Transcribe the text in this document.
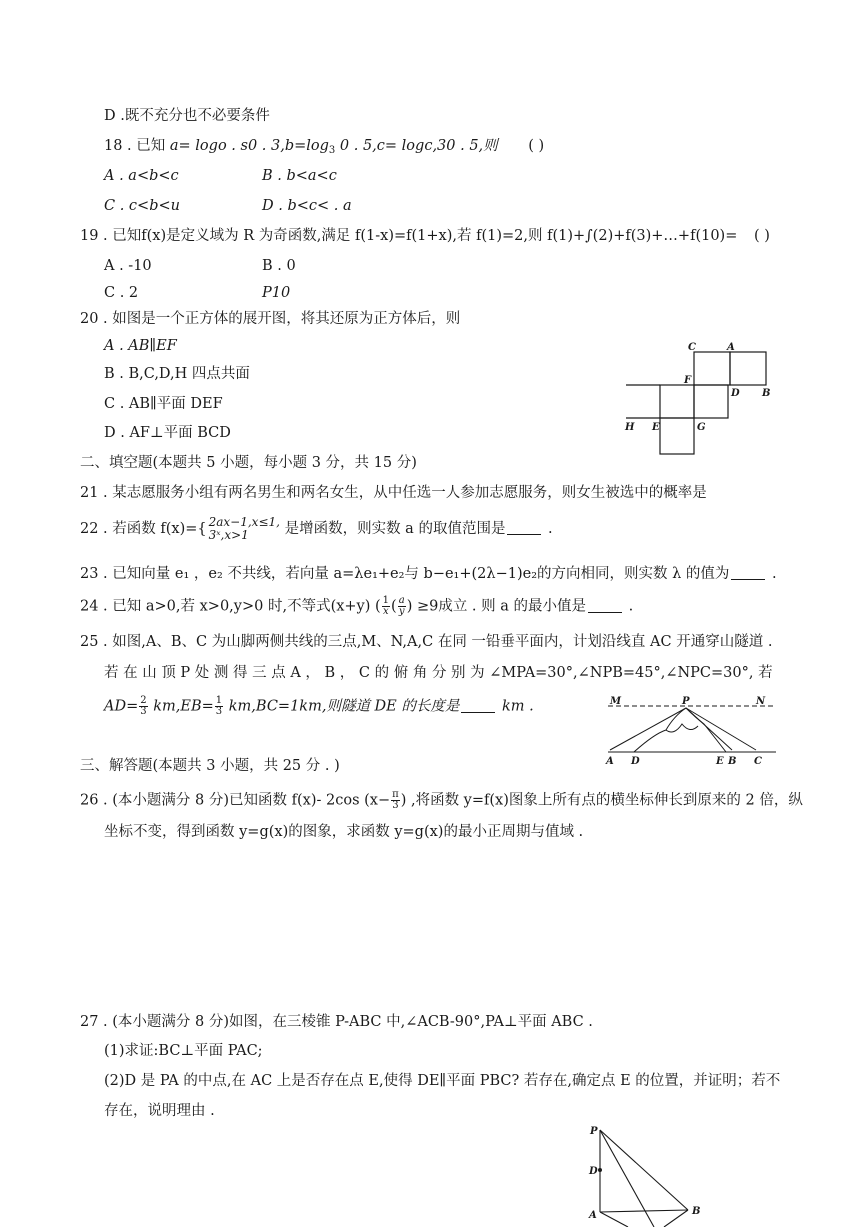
D .既不充分也不必要条件
18 . 已知 a= logo . s0 . $3,b=\log_3$ 0 . 5,c= logc,30 . 5,则 ( )
A . a<b<c	B . b<a<c
C . c<b<u	D . b<c< . a
19 . 已知f(x)是定义域为 R 为奇函数,满足 f(1-x)=f(1+x),若 f(1)=2,则 f(1)+∫(2)+f(3)+…+f(10)= ( )
A . -10	B . 0
C . 2	P10
20 . 如图是一个正方体的展开图，将其还原为正方体后，则
A . AB∥EF
B . B,C,D,H 四点共面
C . AB∥平面 DEF
D . AF⊥平面 BCD
C	A
F
D B
H E	G
二、填空题(本题共 5 小题，每小题 3 分，共 15 分)
21 . 某志愿服务小组有两名男生和两名女生，从中任选一人参加志愿服务，则女生被选中的概率是
22 . 若函数 f(x)={ 2ax−1,x≤1,
3ˣ,x>1	是增函数，则实数 a 的取值范围是	.
23 . 已知向量 e₁ ，e₂ 不共线，若向量 a=λe₁+e₂与 b−e₁+(2λ−1)e₂的方向相同，则实数 λ 的值为	.
24 . 已知 a>0,若 x>0,y>0 时,不等式(x+y) ( $\frac{1}{x}$ ( $\frac{a}{y}$ ) ≥9成立 . 则 a 的最小值是	.
25 . 如图,A、B、C 为山脚两侧共线的三点,M、N,A,C 在同 一铅垂平面内，计划沿线直 AC 开通穿山隧道 .
若 在 山 顶 P 处 测 得 三 点 A ， B ， C 的 俯 角 分 别 为 ∠MPA=30°,∠NPB=45°,∠NPC=30°, 若
$AD= \frac{2}{3} km,EB= \frac{1}{3} km,BC=1km$,则隧道 DE 的长度是	km .	M	P	N
A D	E B C
三、解答题(本题共 3 小题，共 25 分 . )
26 . (本小题满分 8 分)已知函数 f(x)- 2cos ($x- \frac{\pi}{3}$ ) ,将函数 y=f(x)图象上所有点的横坐标伸长到原来的 2 倍，纵
坐标不变，得到函数 y=g(x)的图象，求函数 y=g(x)的最小正周期与值域 .
27 . (本小题满分 8 分)如图，在三棱锥 P-ABC 中,∠ACB-90°,PA⊥平面 ABC .
(1)求证:BC⊥平面 PAC;
(2)D 是 PA 的中点,在 AC 上是否存在点 E,使得 DE∥平面 PBC? 若存在,确定点 E 的位置，并证明；若不
存在，说明理由 .
P
D
A	B
